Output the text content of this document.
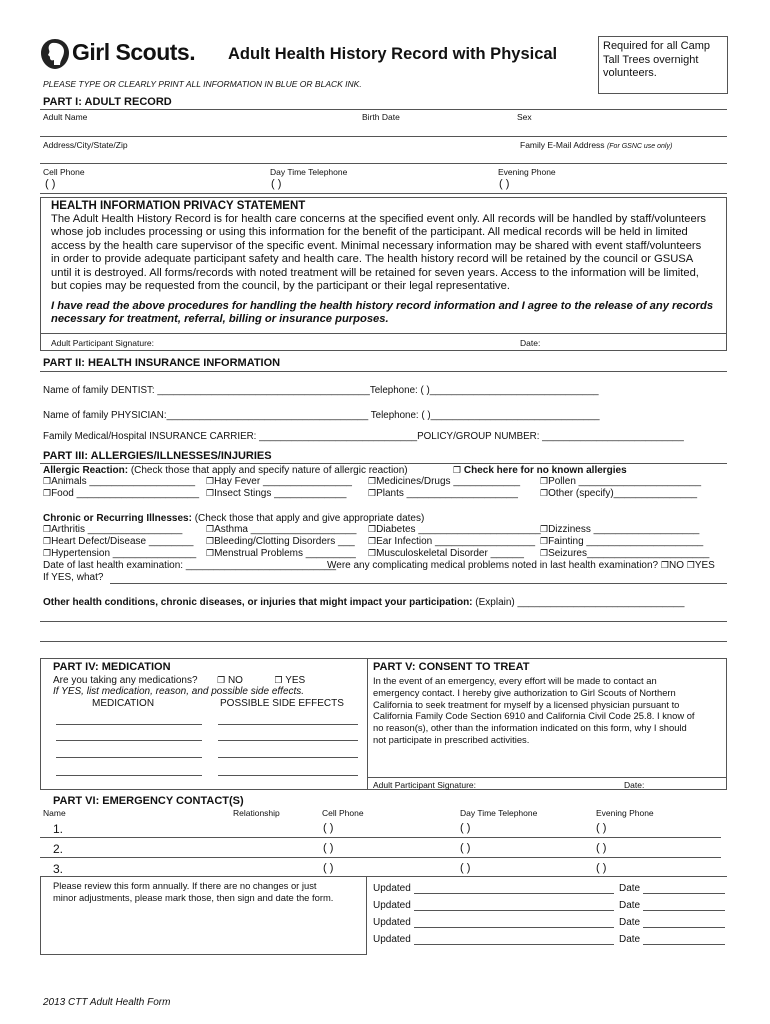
Girl Scouts. Adult Health History Record with Physical	Required for all Camp Tall Trees overnight volunteers.
PLEASE TYPE OR CLEARLY PRINT ALL INFORMATION IN BLUE OR BLACK INK.
PART I: ADULT RECORD
Adult Name	Birth Date	Sex
Address/City/State/Zip	Family E-Mail Address (For GSNC use only)
Cell Phone	Day Time Telephone	Evening Phone
( )	( )	( )
HEALTH INFORMATION PRIVACY STATEMENT
The Adult Health History Record is for health care concerns at the specified event only. All records will be handled by staff/volunteers
whose job includes processing or using this information for the benefit of the participant. All medical records will be held in limited
access by the health care supervisor of the specific event. Minimal necessary information may be shared with event staff/volunteers
in order to provide adequate participant safety and health care. The health history record will be retained by the council or GSUSA
until it is destroyed. All forms/records with noted treatment will be retained for seven years. Access to the information will be limited,
but copies may be requested from the council, by the participant or their legal representative.
I have read the above procedures for handling the health history record information and I agree to the release of any records
necessary for treatment, referral, billing or insurance purposes.
Adult Participant Signature:	Date:
PART II: HEALTH INSURANCE INFORMATION
Name of family DENTIST: _______________________________________Telephone: ( )_______________________________
Name of family PHYSICIAN:_____________________________________ Telephone: ( )_______________________________
Family Medical/Hospital INSURANCE CARRIER: _____________________________POLICY/GROUP NUMBER: __________________________
PART III: ALLERGIES/ILLNESSES/INJURIES
Allergic Reaction: (Check those that apply and specify nature of allergic reaction)	❐ Check here for no known allergies
❐Animals ___________________ ❐Hay Fever ________________ ❐Medicines/Drugs ____________ ❐Pollen ______________________
❐Food ______________________ ❐Insect Stings _____________ ❐Plants ____________________ ❐Other (specify)_______________
Chronic or Recurring Illnesses: (Check those that apply and give appropriate dates)
❐Arthritis _________________	❐Asthma ___________________ ❐Diabetes ______________________ ❐Dizziness ___________________
❐Heart Defect/Disease ________ ❐Bleeding/Clotting Disorders ___ ❐Ear Infection __________________ ❐Fainting _____________________
❐Hypertension _______________ ❐Menstrual Problems _________ ❐Musculoskeletal Disorder ______ ❐Seizures______________________
Date of last health examination: ___________________________
Were any complicating medical problems noted in last health examination? ❐NO ❐YES
If YES, what?
Other health conditions, chronic diseases, or injuries that might impact your participation: (Explain) ______________________________
PART IV: MEDICATION
Are you taking any medications? ❐ NO	❐ YES
If YES, list medication, reason, and possible side effects.
MEDICATION	POSSIBLE SIDE EFFECTS
PART V: CONSENT TO TREAT
In the event of an emergency, every effort will be made to contact an
emergency contact. I hereby give authorization to Girl Scouts of Northern
California to seek treatment for myself by a licensed physician pursuant to
California Family Code Section 6910 and California Civil Code 25.8. I know of
no reason(s), other than the information indicated on this form, why I should
not participate in prescribed activities.
Adult Participant Signature:	Date:
PART VI: EMERGENCY CONTACT(S)
Name	Relationship	Cell Phone	Day Time Telephone	Evening Phone
1.	( )	( )	( )
2.	( )	( )	( )
3.	( )	( )	( )
Please review this form annually. If there are no changes or just
minor adjustments, please mark those, then sign and date the form.
Updated	Date
Updated	Date
Updated	Date
Updated	Date
2013 CTT Adult Health Form
